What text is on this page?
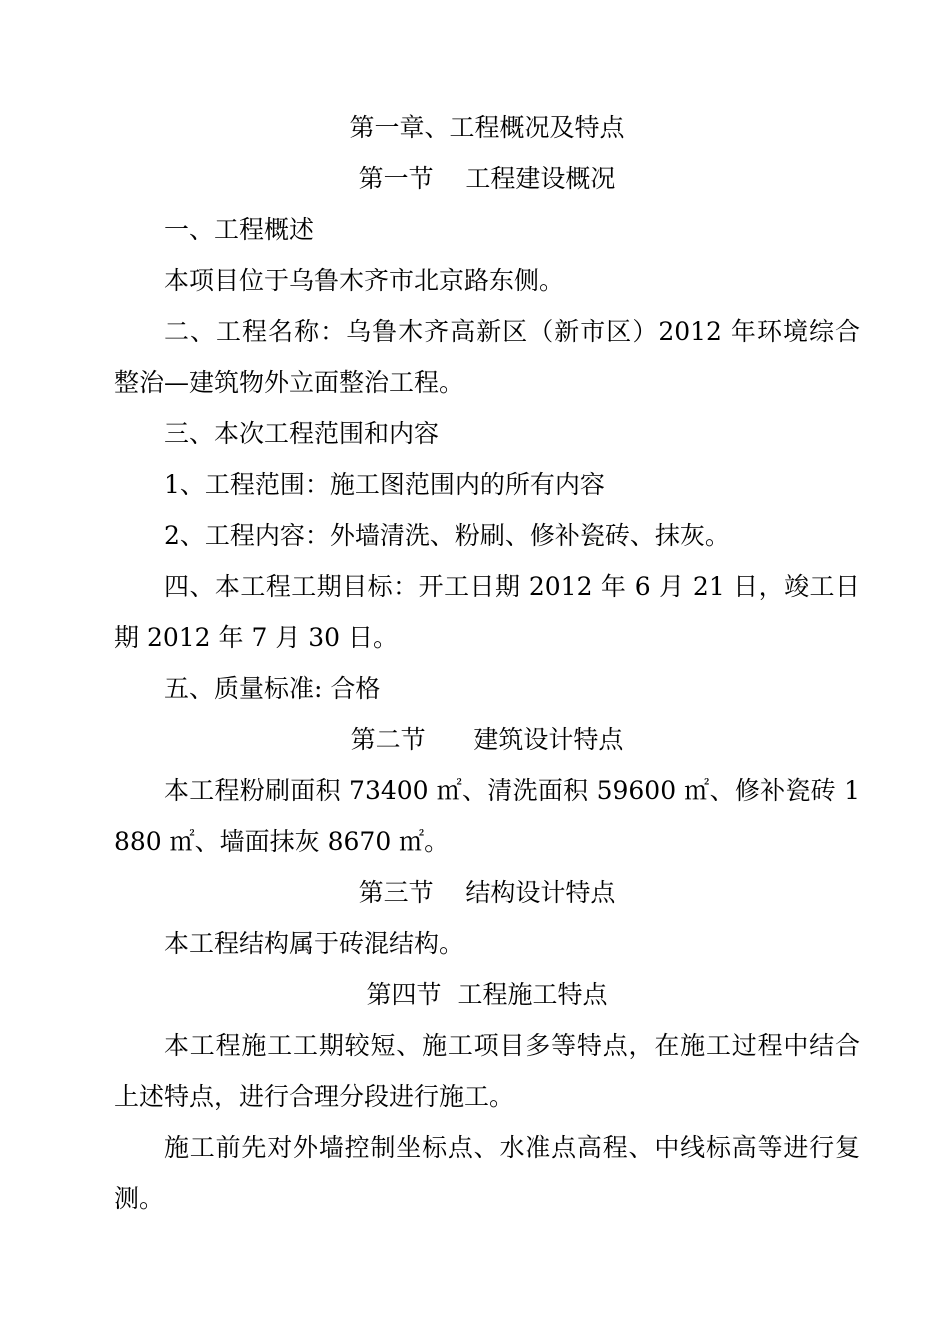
第一章、工程概况及特点
第一节    工程建设概况
一、工程概述
本项目位于乌鲁木齐市北京路东侧。
二、工程名称：乌鲁木齐高新区（新市区）2012 年环境综合整治—建筑物外立面整治工程。
三、本次工程范围和内容
1、工程范围：施工图范围内的所有内容
2、工程内容：外墙清洗、粉刷、修补瓷砖、抹灰。
四、本工程工期目标：开工日期 2012 年 6 月 21 日，竣工日期 2012 年 7 月 30 日。
五、质量标准: 合格
第二节      建筑设计特点
本工程粉刷面积 73400 ㎡、清洗面积 59600 ㎡、修补瓷砖 1880 ㎡、墙面抹灰 8670 ㎡。
第三节    结构设计特点
本工程结构属于砖混结构。
第四节  工程施工特点
本工程施工工期较短、施工项目多等特点，在施工过程中结合上述特点，进行合理分段进行施工。
施工前先对外墙控制坐标点、水准点高程、中线标高等进行复测。
